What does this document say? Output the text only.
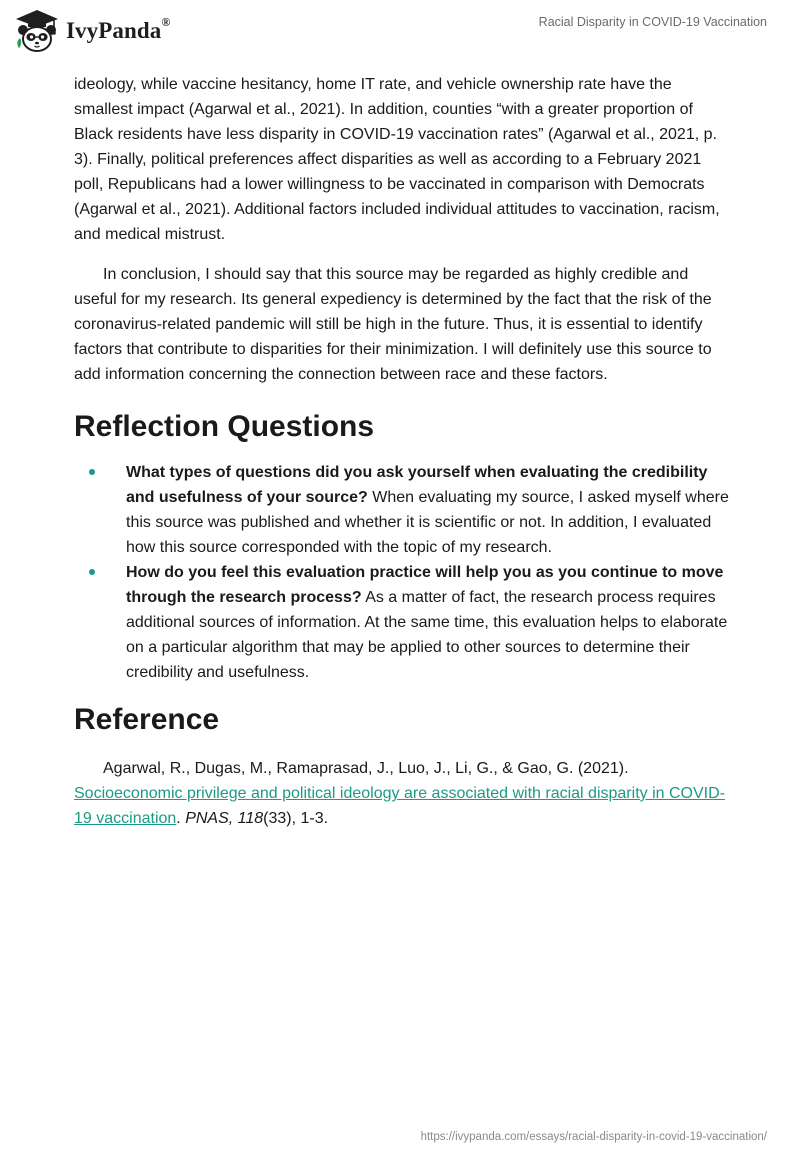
IvyPanda®	Racial Disparity in COVID-19 Vaccination

ideology, while vaccine hesitancy, home IT rate, and vehicle ownership rate have the smallest impact (Agarwal et al., 2021). In addition, counties “with a greater proportion of Black residents have less disparity in COVID-19 vaccination rates” (Agarwal et al., 2021, p. 3). Finally, political preferences affect disparities as well as according to a February 2021 poll, Republicans had a lower willingness to be vaccinated in comparison with Democrats (Agarwal et al., 2021). Additional factors included individual attitudes to vaccination, racism, and medical mistrust.

In conclusion, I should say that this source may be regarded as highly credible and useful for my research. Its general expediency is determined by the fact that the risk of the coronavirus-related pandemic will still be high in the future. Thus, it is essential to identify factors that contribute to disparities for their minimization. I will definitely use this source to add information concerning the connection between race and these factors.

Reflection Questions
What types of questions did you ask yourself when evaluating the credibility and usefulness of your source? When evaluating my source, I asked myself where this source was published and whether it is scientific or not. In addition, I evaluated how this source corresponded with the topic of my research.
How do you feel this evaluation practice will help you as you continue to move through the research process? As a matter of fact, the research process requires additional sources of information. At the same time, this evaluation helps to elaborate on a particular algorithm that may be applied to other sources to determine their credibility and usefulness.
Reference

Agarwal, R., Dugas, M., Ramaprasad, J., Luo, J., Li, G., & Gao, G. (2021). Socioeconomic privilege and political ideology are associated with racial disparity in COVID-19 vaccination. PNAS, 118(33), 1-3.

https://ivypanda.com/essays/racial-disparity-in-covid-19-vaccination/
